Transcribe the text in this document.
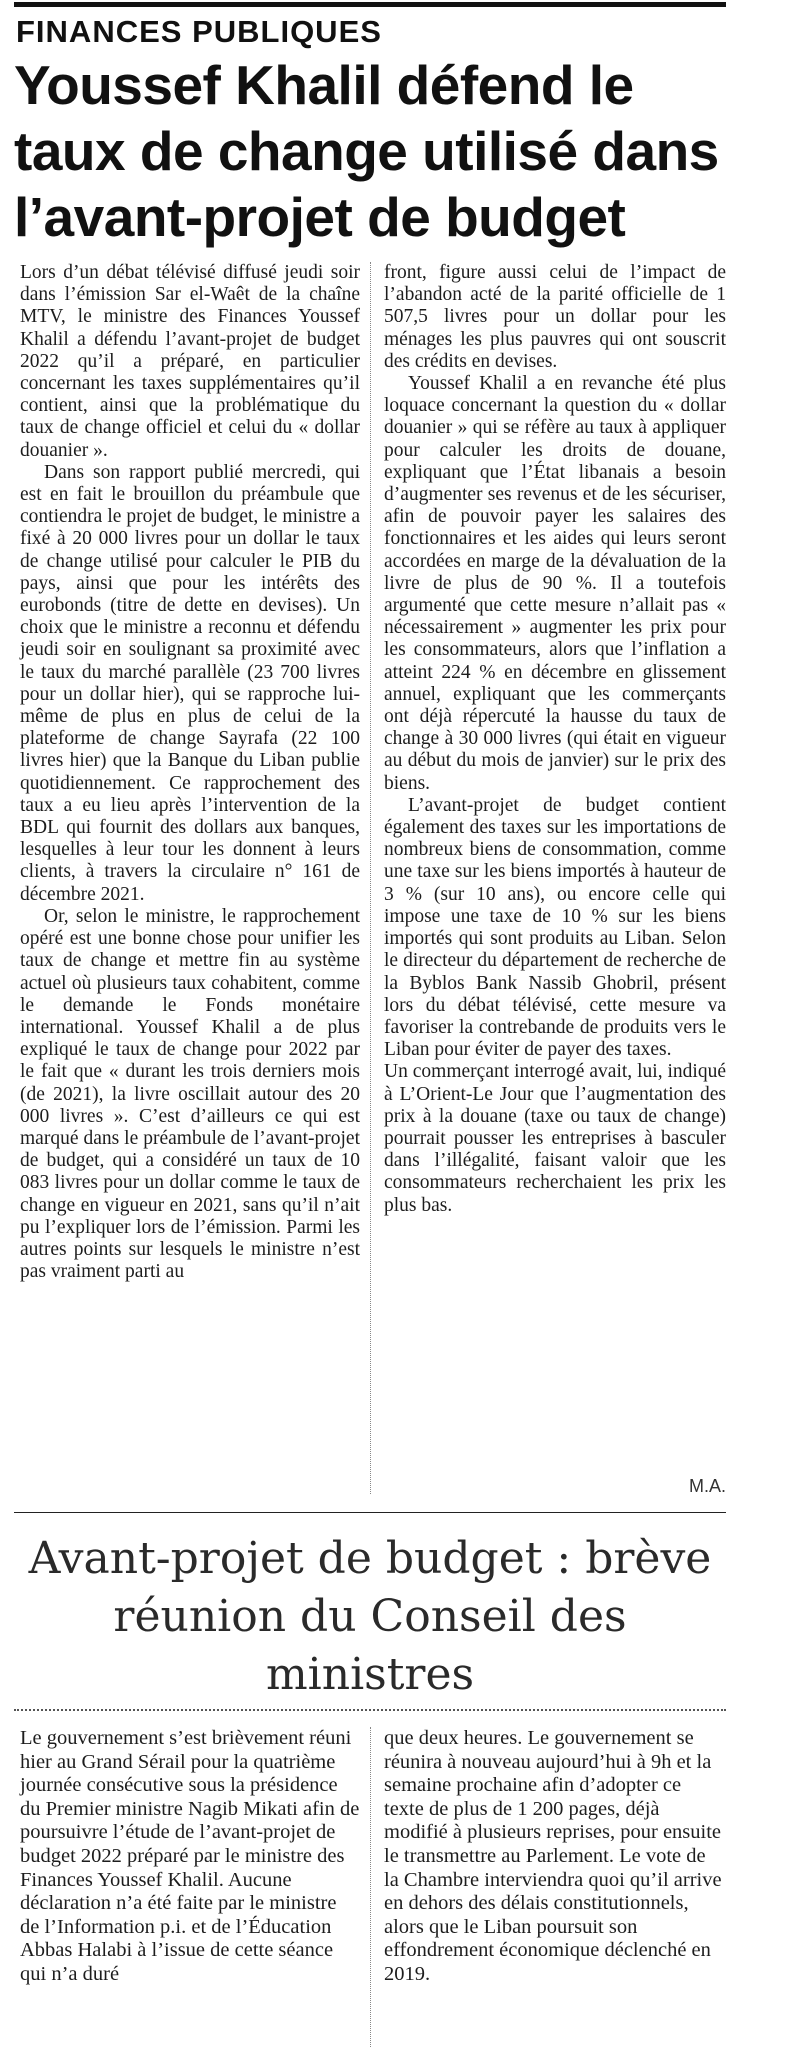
FINANCES PUBLIQUES
Youssef Khalil défend le taux de change utilisé dans l’avant-projet de budget

Lors d’un débat télévisé diffusé jeudi soir dans l’émission Sar el-Waêt de la chaîne MTV, le ministre des Finances Youssef Khalil a défendu l’avant-projet de budget 2022 qu’il a préparé, en particulier concernant les taxes supplémentaires qu’il contient, ainsi que la problématique du taux de change officiel et celui du « dollar douanier ».

Dans son rapport publié mercredi, qui est en fait le brouillon du préambule que contiendra le projet de budget, le ministre a fixé à 20 000 livres pour un dollar le taux de change utilisé pour calculer le PIB du pays, ainsi que pour les intérêts des eurobonds (titre de dette en devises). Un choix que le ministre a reconnu et défendu jeudi soir en soulignant sa proximité avec le taux du marché parallèle (23 700 livres pour un dollar hier), qui se rapproche lui-même de plus en plus de celui de la plateforme de change Sayrafa (22 100 livres hier) que la Banque du Liban publie quotidiennement. Ce rapprochement des taux a eu lieu après l’intervention de la BDL qui fournit des dollars aux banques, lesquelles à leur tour les donnent à leurs clients, à travers la circulaire n° 161 de décembre 2021.

Or, selon le ministre, le rapprochement opéré est une bonne chose pour unifier les taux de change et mettre fin au système actuel où plusieurs taux cohabitent, comme le demande le Fonds monétaire international. Youssef Khalil a de plus expliqué le taux de change pour 2022 par le fait que « durant les trois derniers mois (de 2021), la livre oscillait autour des 20 000 livres ». C’est d’ailleurs ce qui est marqué dans le préambule de l’avant-projet de budget, qui a considéré un taux de 10 083 livres pour un dollar comme le taux de change en vigueur en 2021, sans qu’il n’ait pu l’expliquer lors de l’émission. Parmi les autres points sur lesquels le ministre n’est pas vraiment parti au

front, figure aussi celui de l’impact de l’abandon acté de la parité officielle de 1 507,5 livres pour un dollar pour les ménages les plus pauvres qui ont souscrit des crédits en devises.

Youssef Khalil a en revanche été plus loquace concernant la question du « dollar douanier » qui se réfère au taux à appliquer pour calculer les droits de douane, expliquant que l’État libanais a besoin d’augmenter ses revenus et de les sécuriser, afin de pouvoir payer les salaires des fonctionnaires et les aides qui leurs seront accordées en marge de la dévaluation de la livre de plus de 90 %. Il a toutefois argumenté que cette mesure n’allait pas « nécessairement » augmenter les prix pour les consommateurs, alors que l’inflation a atteint 224 % en décembre en glissement annuel, expliquant que les commerçants ont déjà répercuté la hausse du taux de change à 30 000 livres (qui était en vigueur au début du mois de janvier) sur le prix des biens.

L’avant-projet de budget contient également des taxes sur les importations de nombreux biens de consommation, comme une taxe sur les biens importés à hauteur de 3 % (sur 10 ans), ou encore celle qui impose une taxe de 10 % sur les biens importés qui sont produits au Liban. Selon le directeur du département de recherche de la Byblos Bank Nassib Ghobril, présent lors du débat télévisé, cette mesure va favoriser la contrebande de produits vers le Liban pour éviter de payer des taxes.

Un commerçant interrogé avait, lui, indiqué à L’Orient-Le Jour que l’augmentation des prix à la douane (taxe ou taux de change) pourrait pousser les entreprises à basculer dans l’illégalité, faisant valoir que les consommateurs recherchaient les prix les plus bas.

M.A.
Avant-projet de budget : brève réunion du Conseil des ministres

Le gouvernement s’est brièvement réuni hier au Grand Sérail pour la quatrième journée consécutive sous la présidence du Premier ministre Nagib Mikati afin de poursuivre l’étude de l’avant-projet de budget 2022 préparé par le ministre des Finances Youssef Khalil. Aucune déclaration n’a été faite par le ministre de l’Information p.i. et de l’Éducation Abbas Halabi à l’issue de cette séance qui n’a duré

que deux heures. Le gouvernement se réunira à nouveau aujourd’hui à 9h et la semaine prochaine afin d’adopter ce texte de plus de 1 200 pages, déjà modifié à plusieurs reprises, pour ensuite le transmettre au Parlement. Le vote de la Chambre interviendra quoi qu’il arrive en dehors des délais constitutionnels, alors que le Liban poursuit son effondrement économique déclenché en 2019.
